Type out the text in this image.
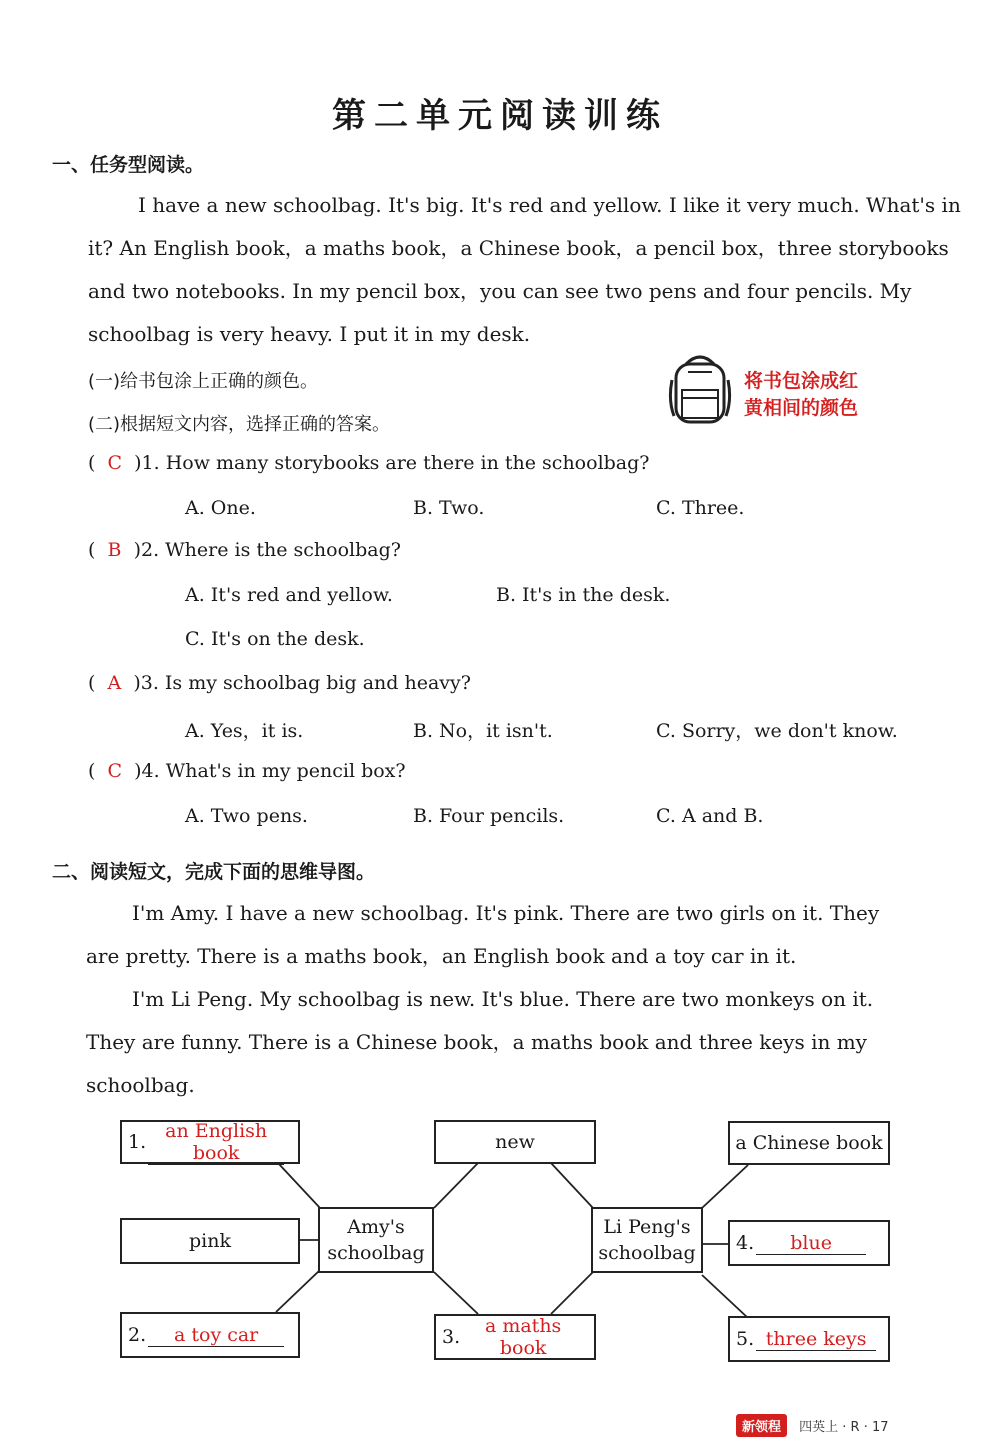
第二单元阅读训练
一、任务型阅读。

I have a new schoolbag. It's big. It's red and yellow. I like it very much. What's in

it? An English book，a maths book，a Chinese book，a pencil box，three storybooks

and two notebooks. In my pencil box，you can see two pens and four pencils. My

schoolbag is very heavy. I put it in my desk.

(一)给书包涂上正确的颜色。
(二)根据短文内容，选择正确的答案。
将书包涂成红
黄相间的颜色
(  C )1. How many storybooks are there in the schoolbag?
A. One.	B. Two.	C. Three.
(  B )2. Where is the schoolbag?
A. It's red and yellow.	B. It's in the desk.
C. It's on the desk.
(  A )3. Is my schoolbag big and heavy?
A. Yes，it is.	B. No，it isn't.	C. Sorry，we don't know.
(  C )4. What's in my pencil box?
A. Two pens.	B. Four pencils.	C. A and B.
二、阅读短文，完成下面的思维导图。

I'm Amy. I have a new schoolbag. It's pink. There are two girls on it. They

are pretty. There is a maths book，an English book and a toy car in it.

I'm Li Peng. My schoolbag is new. It's blue. There are two monkeys on it.

They are funny. There is a Chinese book，a maths book and three keys in my

schoolbag.

1.
an English book	new	a Chinese book
pink
Amy's
schoolbag
Li Peng's
schoolbag 4.	blue
2.	a toy car	3.
a maths book	5. three keys
新领程 四英上 · R · 17
